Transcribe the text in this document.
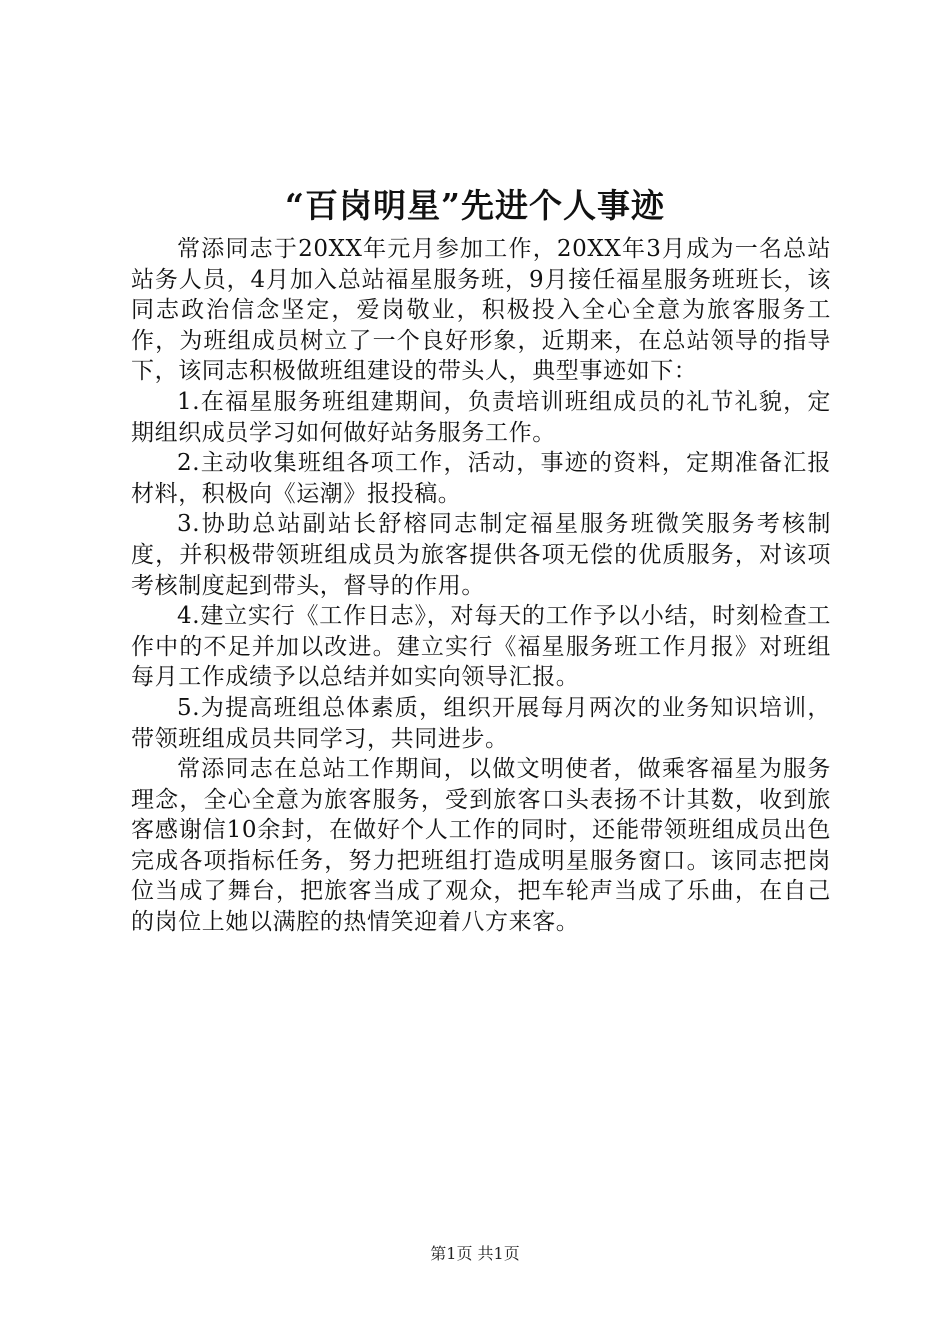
“百岗明星”先进个人事迹

常添同志于20XX年元月参加工作，20XX年3月成为一名总站站务人员，4月加入总站福星服务班，9月接任福星服务班班长，该同志政治信念坚定，爱岗敬业，积极投入全心全意为旅客服务工作，为班组成员树立了一个良好形象，近期来，在总站领导的指导下，该同志积极做班组建设的带头人，典型事迹如下：

1.在福星服务班组建期间，负责培训班组成员的礼节礼貌，定期组织成员学习如何做好站务服务工作。

2.主动收集班组各项工作，活动，事迹的资料，定期准备汇报材料，积极向《运潮》报投稿。

3.协助总站副站长舒榕同志制定福星服务班微笑服务考核制度，并积极带领班组成员为旅客提供各项无偿的优质服务，对该项考核制度起到带头，督导的作用。

4.建立实行《工作日志》，对每天的工作予以小结，时刻检查工作中的不足并加以改进。建立实行《福星服务班工作月报》对班组每月工作成绩予以总结并如实向领导汇报。

5.为提高班组总体素质，组织开展每月两次的业务知识培训，带领班组成员共同学习，共同进步。

常添同志在总站工作期间，以做文明使者，做乘客福星为服务理念，全心全意为旅客服务，受到旅客口头表扬不计其数，收到旅客感谢信10余封，在做好个人工作的同时，还能带领班组成员出色完成各项指标任务，努力把班组打造成明星服务窗口。该同志把岗位当成了舞台，把旅客当成了观众，把车轮声当成了乐曲，在自己的岗位上她以满腔的热情笑迎着八方来客。

第1页 共1页
